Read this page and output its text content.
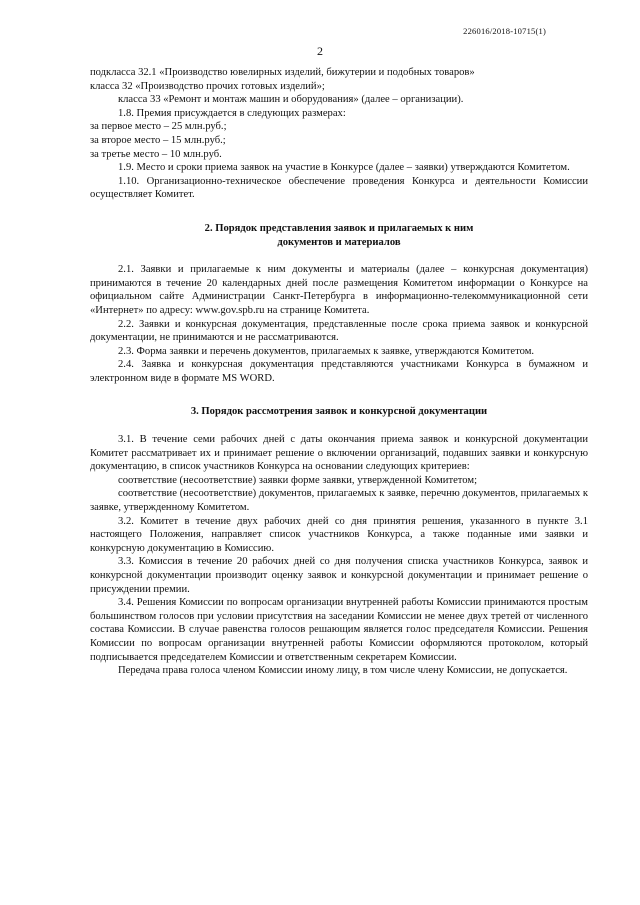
226016/2018-10715(1)
2

подкласса 32.1 «Производство ювелирных изделий, бижутерии и подобных товаров»

класса 32 «Производство прочих готовых изделий»;

класса 33 «Ремонт и монтаж машин и оборудования» (далее – организации).

1.8. Премия присуждается в следующих размерах:

за первое место – 25 млн.руб.;

за второе место – 15 млн.руб.;

за третье место – 10 млн.руб.

1.9. Место и сроки приема заявок на участие в Конкурсе (далее – заявки) утверждаются Комитетом.

1.10. Организационно-техническое обеспечение проведения Конкурса и деятельности Комиссии осуществляет Комитет.

2. Порядок представления заявок и прилагаемых к ним
документов и материалов

2.1. Заявки и прилагаемые к ним документы и материалы (далее – конкурсная документация) принимаются в течение 20 календарных дней после размещения Комитетом информации о Конкурсе на официальном сайте Администрации Санкт-Петербурга в информационно-телекоммуникационной сети «Интернет» по адресу: www.gov.spb.ru на странице Комитета.

2.2. Заявки и конкурсная документация, представленные после срока приема заявок и конкурсной документации, не принимаются и не рассматриваются.

2.3. Форма заявки и перечень документов, прилагаемых к заявке, утверждаются Комитетом.

2.4. Заявка и конкурсная документация представляются участниками Конкурса в бумажном и электронном виде в формате MS WORD.

3. Порядок рассмотрения заявок и конкурсной документации

3.1. В течение семи рабочих дней с даты окончания приема заявок и конкурсной документации Комитет рассматривает их и принимает решение о включении организаций, подавших заявки и конкурсную документацию, в список участников Конкурса на основании следующих критериев:

соответствие (несоответствие) заявки форме заявки, утвержденной Комитетом;

соответствие (несоответствие) документов, прилагаемых к заявке, перечню документов, прилагаемых к заявке, утвержденному Комитетом.

3.2. Комитет в течение двух рабочих дней со дня принятия решения, указанного в пункте 3.1 настоящего Положения, направляет список участников Конкурса, а также поданные ими заявки и конкурсную документацию в Комиссию.

3.3. Комиссия в течение 20 рабочих дней со дня получения списка участников Конкурса, заявок и конкурсной документации производит оценку заявок и конкурсной документации и принимает решение о присуждении премии.

3.4. Решения Комиссии по вопросам организации внутренней работы Комиссии принимаются простым большинством голосов при условии присутствия на заседании Комиссии не менее двух третей от численного состава Комиссии. В случае равенства голосов решающим является голос председателя Комиссии. Решения Комиссии по вопросам организации внутренней работы Комиссии оформляются протоколом, который подписывается председателем Комиссии и ответственным секретарем Комиссии.

Передача права голоса членом Комиссии иному лицу, в том числе члену Комиссии, не допускается.
